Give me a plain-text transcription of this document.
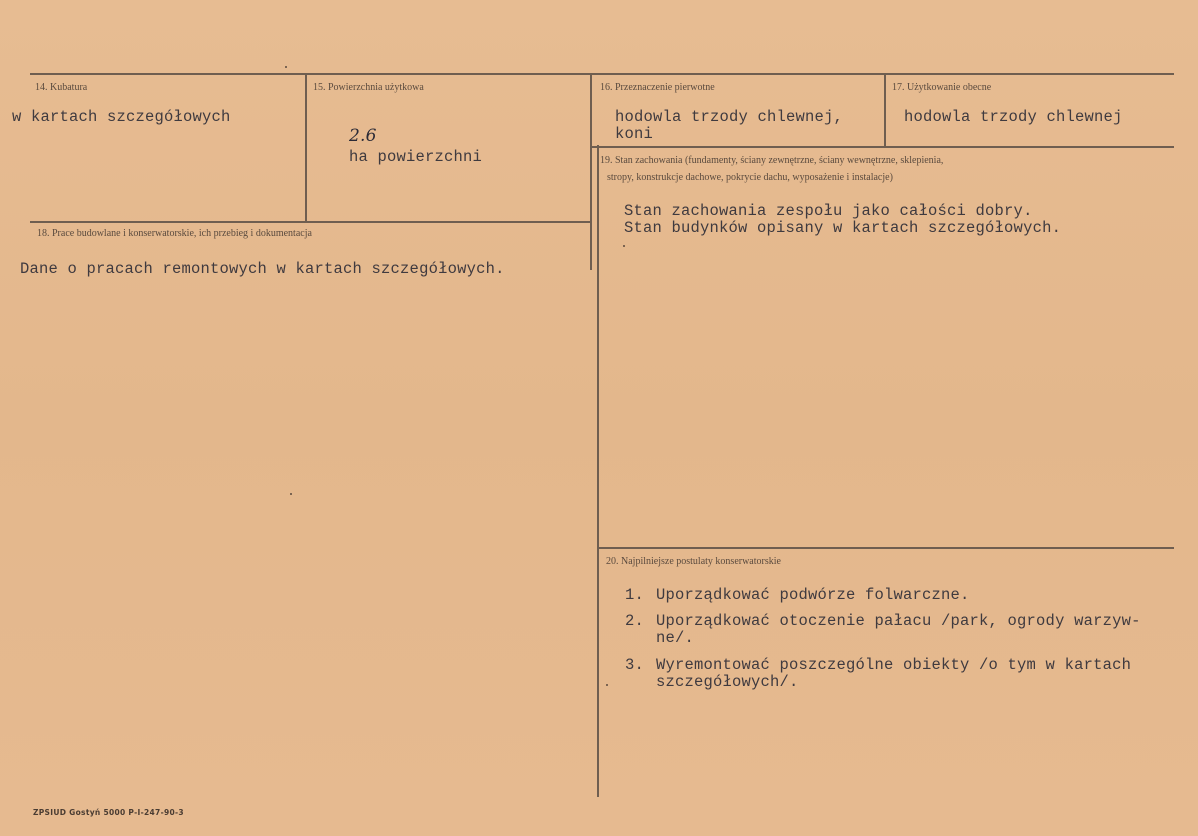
14. Kubatura
w kartach szczegółowych
15. Powierzchnia użytkowa

2.6
ha powierzchni

16. Przeznaczenie pierwotne
hodowla trzody chlewnej,
koni
17. Użytkowanie obecne
hodowla trzody chlewnej
19. Stan zachowania (fundamenty, ściany zewnętrzne, ściany wewnętrzne, sklepienia,
stropy, konstrukcje dachowe, pokrycie dachu, wyposażenie i instalacje)
Stan zachowania zespołu jako całości dobry.
Stan budynków opisany w kartach szczegółowych.
18. Prace budowlane i konserwatorskie, ich przebieg i dokumentacja
Dane o pracach remontowych w kartach szczegółowych.
20. Najpilniejsze postulaty konserwatorskie
1. Uporządkować podwórze folwarczne.
2. Uporządkować otoczenie pałacu /park, ogrody warzyw-
ne/.
3. Wyremontować poszczególne obiekty /o tym w kartach
szczegółowych/.
ZPSIUD Gostyń 5000 P-I-247-90-3
